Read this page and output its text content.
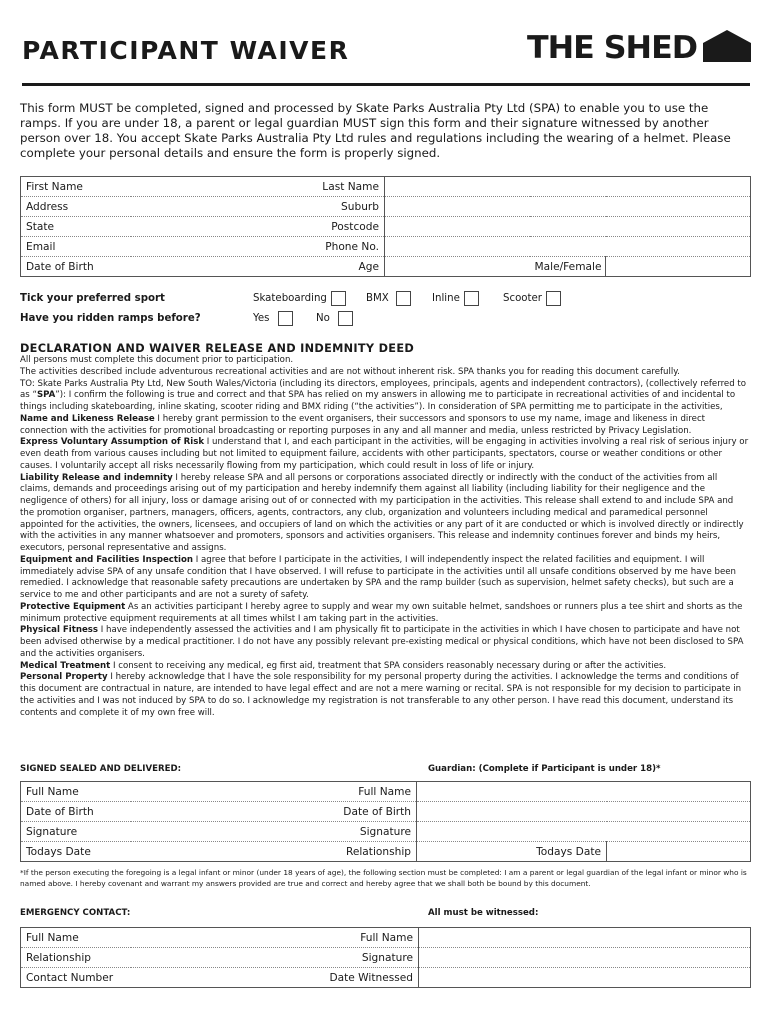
PARTICIPANT WAIVER	THE SHED

This form MUST be completed, signed and processed by Skate Parks Australia Pty Ltd (SPA) to enable you to use the ramps. If you are under 18, a parent or legal guardian MUST sign this form and their signature witnessed by another person over 18. You accept Skate Parks Australia Pty Ltd rules and regulations including the wearing of a helmet. Please complete your personal details and ensure the form is properly signed.

First Name	Last Name			
Address	Suburb			
State	Postcode			
Email	Phone No.			
Date of Birth	Age		Male/Female	
Tick your preferred sport	Skateboarding	BMX	Inline	Scooter
Have you ridden ramps before?	Yes	No
DECLARATION AND WAIVER RELEASE AND INDEMNITY DEED
All persons must complete this document prior to participation.
The activities described include adventurous recreational activities and are not without inherent risk. SPA thanks you for reading this document carefully.
TO: Skate Parks Australia Pty Ltd, New South Wales/Victoria (including its directors, employees, principals, agents and independent contractors), (collectively referred to as “SPA”): I confirm the following is true and correct and that SPA has relied on my answers in allowing me to participate in recreational activities of and incidental to things including skateboarding, inline skating, scooter riding and BMX riding (“the activities”). In consideration of SPA permitting me to participate in the activities,
Name and Likeness Release I hereby grant permission to the event organisers, their successors and sponsors to use my name, image and likeness in direct connection with the activities for promotional broadcasting or reporting purposes in any and all manner and media, unless restricted by Privacy Legislation.
Express Voluntary Assumption of Risk I understand that I, and each participant in the activities, will be engaging in activities involving a real risk of serious injury or even death from various causes including but not limited to equipment failure, accidents with other participants, spectators, course or weather conditions or other causes. I voluntarily accept all risks necessarily flowing from my participation, which could result in loss of life or injury.
Liability Release and indemnity I hereby release SPA and all persons or corporations associated directly or indirectly with the conduct of the activities from all claims, demands and proceedings arising out of my participation and hereby indemnify them against all liability (including liability for their negligence and the negligence of others) for all injury, loss or damage arising out of or connected with my participation in the activities. This release shall extend to and include SPA and the promotion organiser, partners, managers, officers, agents, contractors, any club, organization and volunteers including medical and paramedical personnel appointed for the activities, the owners, licensees, and occupiers of land on which the activities or any part of it are conducted or which is involved directly or indirectly with the activities in any manner whatsoever and promoters, sponsors and activities organisers. This release and indemnity continues forever and binds my heirs, executors, personal representative and assigns.
Equipment and Facilities Inspection I agree that before I participate in the activities, I will independently inspect the related facilities and equipment. I will immediately advise SPA of any unsafe condition that I have observed. I will refuse to participate in the activities until all unsafe conditions observed by me have been remedied. I acknowledge that reasonable safety precautions are undertaken by SPA and the ramp builder (such as supervision, helmet safety checks), but such are a service to me and other participants and are not a surety of safety.
Protective Equipment As an activities participant I hereby agree to supply and wear my own suitable helmet, sandshoes or runners plus a tee shirt and shorts as the minimum protective equipment requirements at all times whilst I am taking part in the activities.
Physical Fitness I have independently assessed the activities and I am physically fit to participate in the activities in which I have chosen to participate and have not been advised otherwise by a medical practitioner. I do not have any possibly relevant pre-existing medical or physical conditions, which have not been disclosed to SPA and the activities organisers.
Medical Treatment I consent to receiving any medical, eg first aid, treatment that SPA considers reasonably necessary during or after the activities.
Personal Property I hereby acknowledge that I have the sole responsibility for my personal property during the activities. I acknowledge the terms and conditions of this document are contractual in nature, are intended to have legal effect and are not a mere warning or recital. SPA is not responsible for my decision to participate in the activities and I was not induced by SPA to do so. I acknowledge my registration is not transferable to any other person. I have read this document, understand its contents and complete it of my own free will.
SIGNED SEALED AND DELIVERED:	Guardian: (Complete if Participant is under 18)*
Full Name	Full Name		
Date of Birth	Date of Birth		
Signature	Signature		
Todays Date	Relationship	Todays Date	

*If the person executing the foregoing is a legal infant or minor (under 18 years of age), the following section must be completed: I am a parent or legal guardian of the legal infant or minor who is named above. I hereby covenant and warrant my answers provided are true and correct and hereby agree that we shall both be bound by this document.

EMERGENCY CONTACT:	All must be witnessed:
Full Name	Full Name	
Relationship	Signature	
Contact Number	Date Witnessed	
